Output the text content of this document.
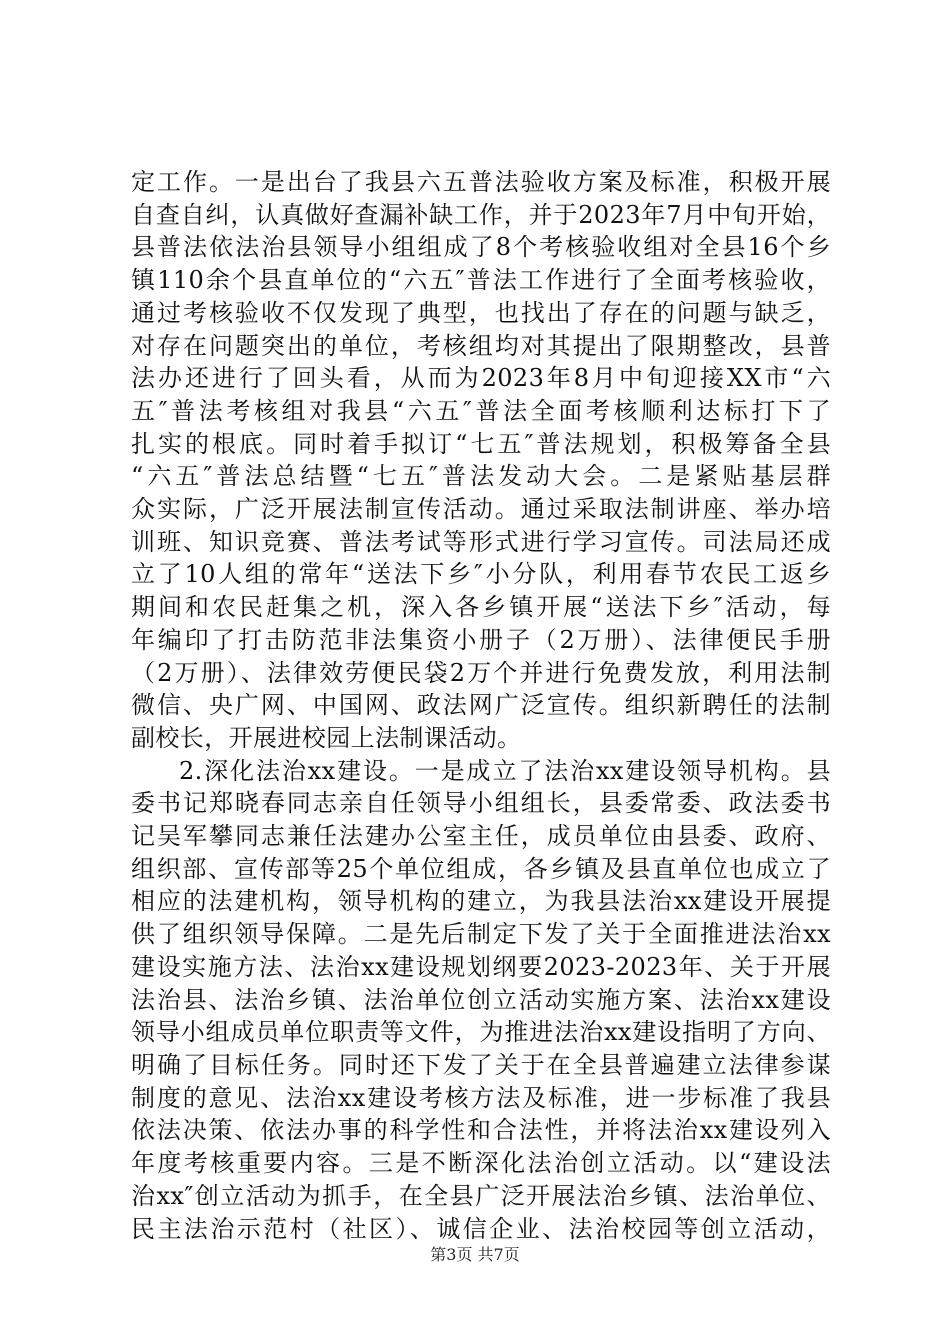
定工作。一是出台了我县六五普法验收方案及标准，积极开展
自查自纠，认真做好查漏补缺工作，并于2023年7月中旬开始，
县普法依法治县领导小组组成了8个考核验收组对全县16个乡
镇110余个县直单位的“六五″普法工作进行了全面考核验收，
通过考核验收不仅发现了典型，也找出了存在的问题与缺乏，
对存在问题突出的单位，考核组均对其提出了限期整改，县普
法办还进行了回头看，从而为2023年8月中旬迎接XX市“六
五″普法考核组对我县“六五″普法全面考核顺利达标打下了
扎实的根底。同时着手拟订“七五″普法规划，积极筹备全县
“六五″普法总结暨“七五″普法发动大会。二是紧贴基层群
众实际，广泛开展法制宣传活动。通过采取法制讲座、举办培
训班、知识竞赛、普法考试等形式进行学习宣传。司法局还成
立了10人组的常年“送法下乡″小分队，利用春节农民工返乡
期间和农民赶集之机，深入各乡镇开展“送法下乡″活动，每
年编印了打击防范非法集资小册子（2万册）、法律便民手册
（2万册）、法律效劳便民袋2万个并进行免费发放，利用法制
微信、央广网、中国网、政法网广泛宣传。组织新聘任的法制
副校长，开展进校园上法制课活动。
2.深化法治xx建设。一是成立了法治xx建设领导机构。县
委书记郑晓春同志亲自任领导小组组长，县委常委、政法委书
记吴军攀同志兼任法建办公室主任，成员单位由县委、政府、
组织部、宣传部等25个单位组成，各乡镇及县直单位也成立了
相应的法建机构，领导机构的建立，为我县法治xx建设开展提
供了组织领导保障。二是先后制定下发了关于全面推进法治xx
建设实施方法、法治xx建设规划纲要2023-2023年、关于开展
法治县、法治乡镇、法治单位创立活动实施方案、法治xx建设
领导小组成员单位职责等文件，为推进法治xx建设指明了方向、
明确了目标任务。同时还下发了关于在全县普遍建立法律参谋
制度的意见、法治xx建设考核方法及标准，进一步标准了我县
依法决策、依法办事的科学性和合法性，并将法治xx建设列入
年度考核重要内容。三是不断深化法治创立活动。以“建设法
治xx″创立活动为抓手，在全县广泛开展法治乡镇、法治单位、
民主法治示范村（社区）、诚信企业、法治校园等创立活动，
第3页 共7页
